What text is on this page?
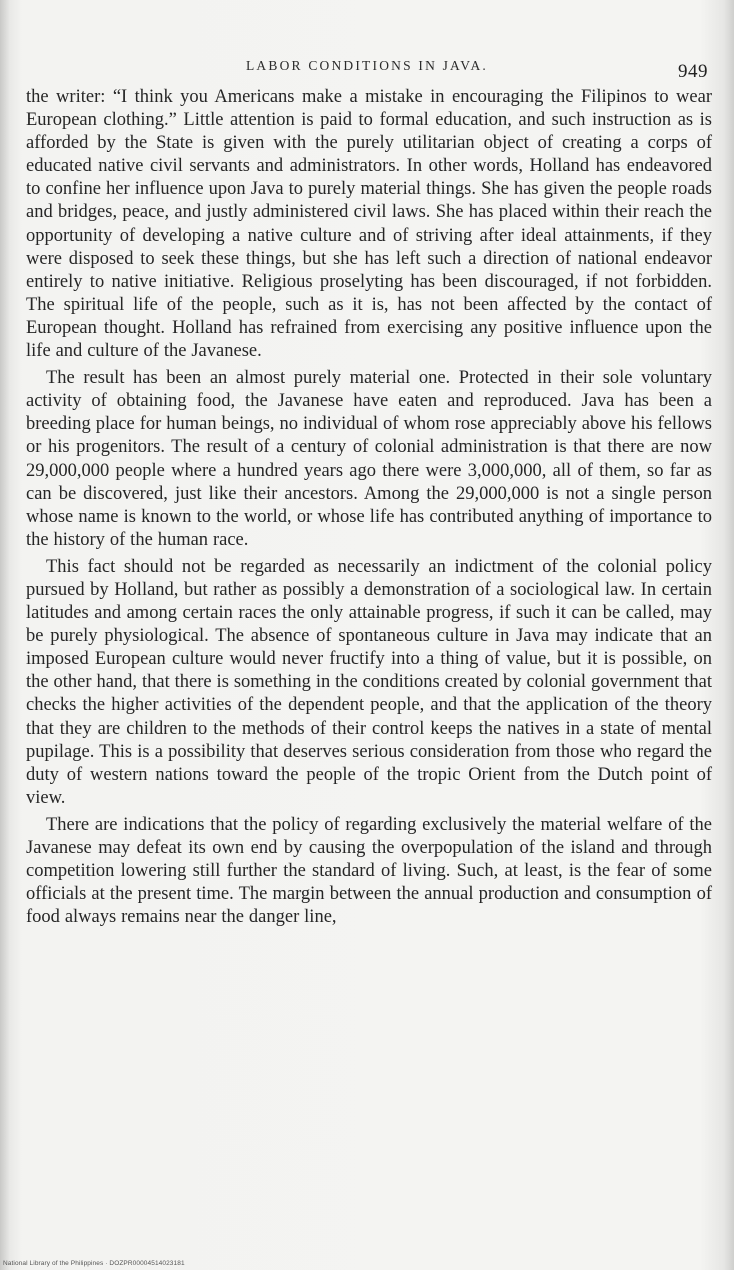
LABOR CONDITIONS IN JAVA.	949

the writer: “I think you Americans make a mistake in encouraging the Filipinos to wear European clothing.” Little attention is paid to formal education, and such instruction as is afforded by the State is given with the purely utilitarian object of creating a corps of educated native civil servants and administrators. In other words, Holland has endeavored to confine her influence upon Java to purely material things. She has given the people roads and bridges, peace, and justly administered civil laws. She has placed within their reach the opportunity of developing a native culture and of striving after ideal attainments, if they were disposed to seek these things, but she has left such a direction of national endeavor entirely to native initiative. Religious proselyting has been discouraged, if not forbidden. The spiritual life of the people, such as it is, has not been affected by the contact of European thought. Holland has refrained from exercising any positive influence upon the life and culture of the Javanese.

The result has been an almost purely material one. Protected in their sole voluntary activity of obtaining food, the Javanese have eaten and reproduced. Java has been a breeding place for human beings, no individual of whom rose appreciably above his fellows or his progenitors. The result of a century of colonial administration is that there are now 29,000,000 people where a hundred years ago there were 3,000,000, all of them, so far as can be discovered, just like their ancestors. Among the 29,000,000 is not a single person whose name is known to the world, or whose life has contributed anything of importance to the history of the human race.

This fact should not be regarded as necessarily an indictment of the colonial policy pursued by Holland, but rather as possibly a demonstration of a sociological law. In certain latitudes and among certain races the only attainable progress, if such it can be called, may be purely physiological. The absence of spontaneous culture in Java may indicate that an imposed European culture would never fructify into a thing of value, but it is possible, on the other hand, that there is something in the conditions created by colonial government that checks the higher activities of the dependent people, and that the application of the theory that they are children to the methods of their control keeps the natives in a state of mental pupilage. This is a possibility that deserves serious consideration from those who regard the duty of western nations toward the people of the tropic Orient from the Dutch point of view.

There are indications that the policy of regarding exclusively the material welfare of the Javanese may defeat its own end by causing the overpopulation of the island and through competition lowering still further the standard of living. Such, at least, is the fear of some officials at the present time. The margin between the annual production and consumption of food always remains near the danger line,

National Library of the Philippines · DOZPR00004514023181
